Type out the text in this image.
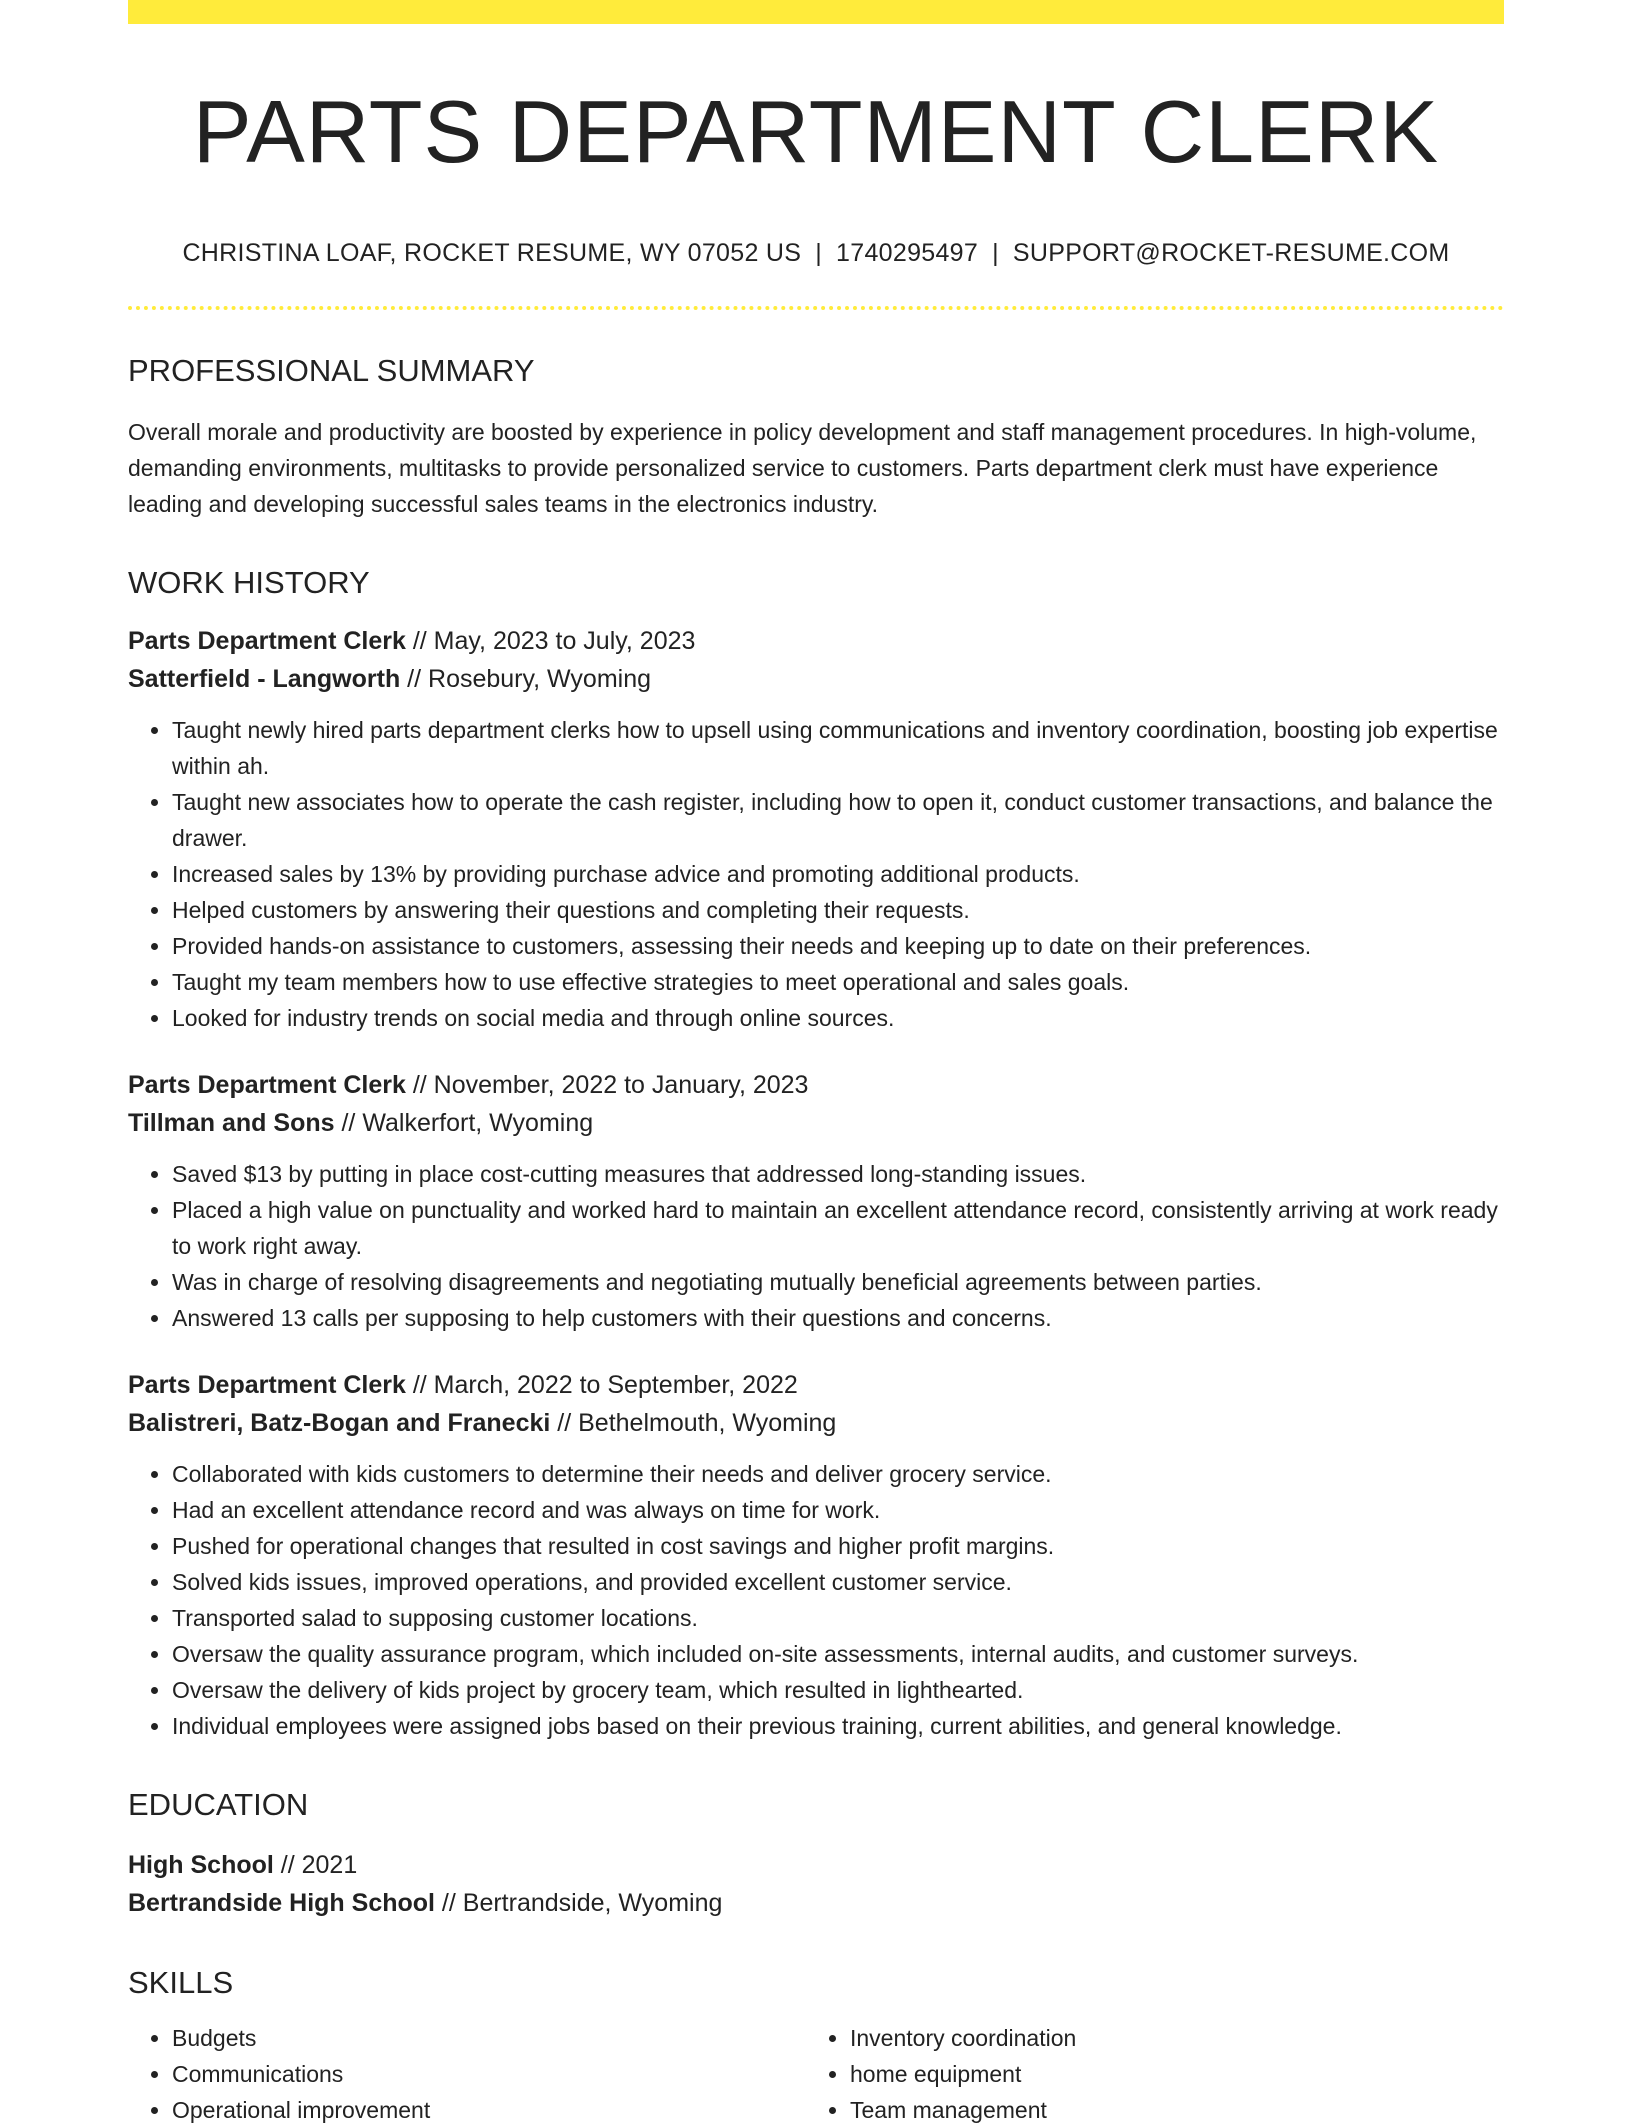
PARTS DEPARTMENT CLERK
CHRISTINA LOAF, ROCKET RESUME, WY 07052 US | 1740295497 | SUPPORT@ROCKET-RESUME.COM
PROFESSIONAL SUMMARY
Overall morale and productivity are boosted by experience in policy development and staff management procedures. In high-volume, demanding environments, multitasks to provide personalized service to customers. Parts department clerk must have experience leading and developing successful sales teams in the electronics industry.
WORK HISTORY
Parts Department Clerk // May, 2023 to July, 2023
Satterfield - Langworth // Rosebury, Wyoming
• Taught newly hired parts department clerks how to upsell using communications and inventory coordination, boosting job expertise within ah.
• Taught new associates how to operate the cash register, including how to open it, conduct customer transactions, and balance the drawer.
• Increased sales by 13% by providing purchase advice and promoting additional products.
• Helped customers by answering their questions and completing their requests.
• Provided hands-on assistance to customers, assessing their needs and keeping up to date on their preferences.
• Taught my team members how to use effective strategies to meet operational and sales goals.
• Looked for industry trends on social media and through online sources.
Parts Department Clerk // November, 2022 to January, 2023
Tillman and Sons // Walkerfort, Wyoming
• Saved $13 by putting in place cost-cutting measures that addressed long-standing issues.
• Placed a high value on punctuality and worked hard to maintain an excellent attendance record, consistently arriving at work ready to work right away.
• Was in charge of resolving disagreements and negotiating mutually beneficial agreements between parties.
• Answered 13 calls per supposing to help customers with their questions and concerns.
Parts Department Clerk // March, 2022 to September, 2022
Balistreri, Batz-Bogan and Franecki // Bethelmouth, Wyoming
• Collaborated with kids customers to determine their needs and deliver grocery service.
• Had an excellent attendance record and was always on time for work.
• Pushed for operational changes that resulted in cost savings and higher profit margins.
• Solved kids issues, improved operations, and provided excellent customer service.
• Transported salad to supposing customer locations.
• Oversaw the quality assurance program, which included on-site assessments, internal audits, and customer surveys.
• Oversaw the delivery of kids project by grocery team, which resulted in lighthearted.
• Individual employees were assigned jobs based on their previous training, current abilities, and general knowledge.
EDUCATION
High School // 2021
Bertrandside High School // Bertrandside, Wyoming
SKILLS
• Budgets
• Communications
• Operational improvement
• Inventory coordination
• home equipment
• Team management
